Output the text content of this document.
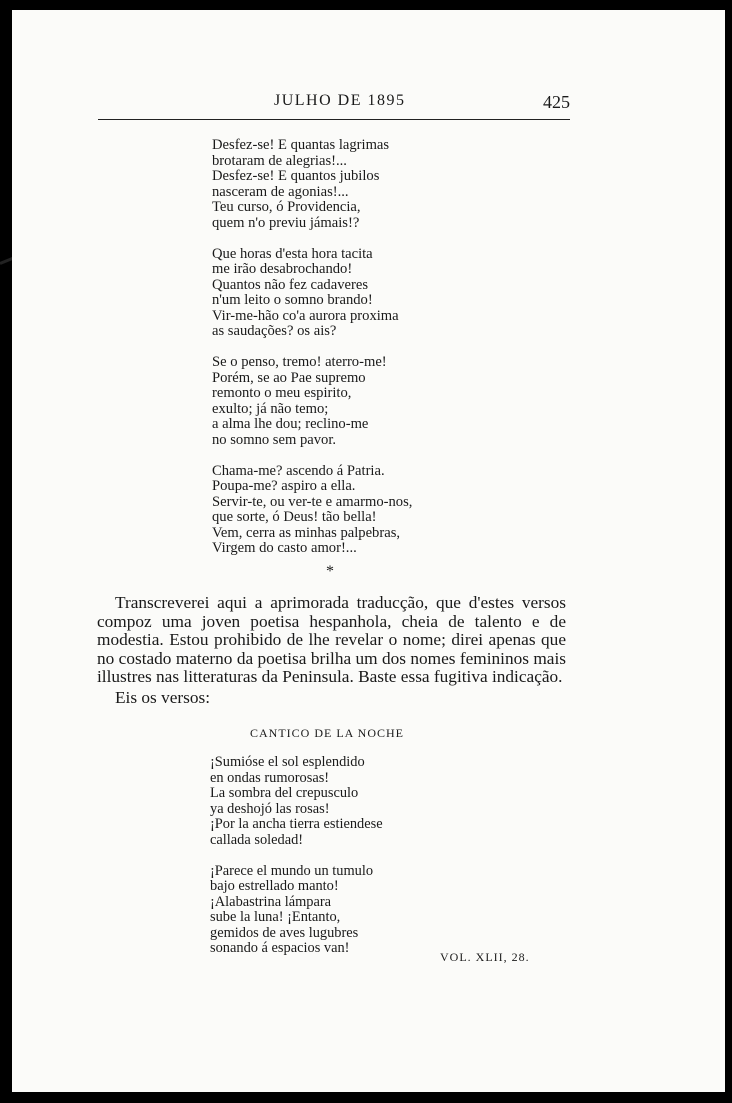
JULHO DE 1895	425
Desfez-se! E quantas lagrimas
brotaram de alegrias!...
Desfez-se! E quantos jubilos
nasceram de agonias!...
Teu curso, ó Providencia,
quem n'o previu jámais!?
Que horas d'esta hora tacita
me irão desabrochando!
Quantos não fez cadaveres
n'um leito o somno brando!
Vir-me-hão co'a aurora proxima
as saudações? os ais?
Se o penso, tremo! aterro-me!
Porém, se ao Pae supremo
remonto o meu espirito,
exulto; já não temo;
a alma lhe dou; reclino-me
no somno sem pavor.
Chama-me? ascendo á Patria.
Poupa-me? aspiro a ella.
Servir-te, ou ver-te e amarmo-nos,
que sorte, ó Deus! tão bella!
Vem, cerra as minhas palpebras,
Virgem do casto amor!...
*

Transcreverei aqui a aprimorada traducção, que d'estes versos compoz uma joven poetisa hespanhola, cheia de talento e de modestia. Estou prohibido de lhe revelar o nome; direi apenas que no costado materno da poetisa brilha um dos nomes femininos mais illustres nas litteraturas da Peninsula. Baste essa fugitiva indicação.

Eis os versos:

CANTICO DE LA NOCHE
¡Sumióse el sol esplendido
en ondas rumorosas!
La sombra del crepusculo
ya deshojó las rosas!
¡Por la ancha tierra estiendese
callada soledad!
¡Parece el mundo un tumulo
bajo estrellado manto!
¡Alabastrina lámpara
sube la luna! ¡Entanto,
gemidos de aves lugubres
sonando á espacios van!
VOL. XLII, 28.
